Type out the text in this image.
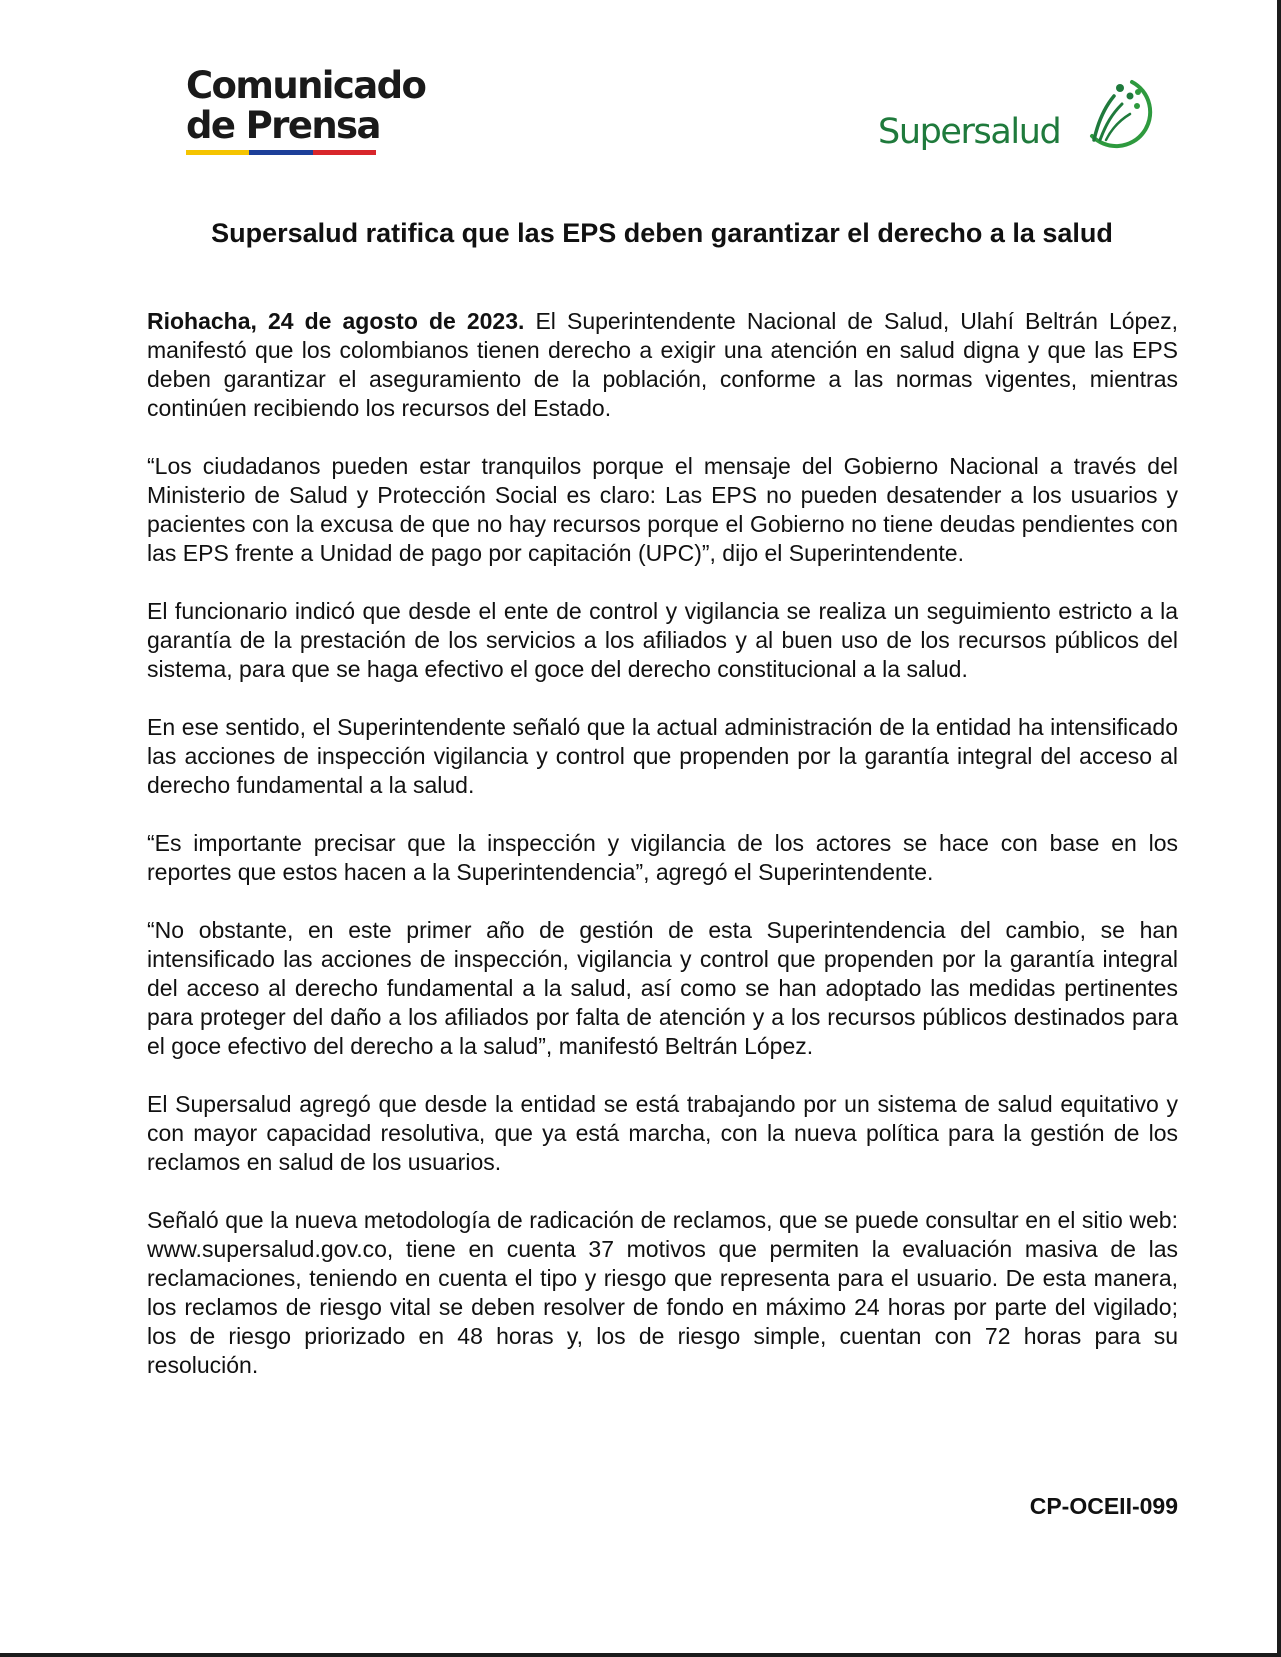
Comunicado
de Prensa	Supersalud
Supersalud ratifica que las EPS deben garantizar el derecho a la salud

Riohacha, 24 de agosto de 2023. El Superintendente Nacional de Salud, Ulahí Beltrán López, manifestó que los colombianos tienen derecho a exigir una atención en salud digna y que las EPS deben garantizar el aseguramiento de la población, conforme a las normas vigentes, mientras continúen recibiendo los recursos del Estado.

“Los ciudadanos pueden estar tranquilos porque el mensaje del Gobierno Nacional a través del Ministerio de Salud y Protección Social es claro: Las EPS no pueden desatender a los usuarios y pacientes con la excusa de que no hay recursos porque el Gobierno no tiene deudas pendientes con las EPS frente a Unidad de pago por capitación (UPC)”, dijo el Superintendente.

El funcionario indicó que desde el ente de control y vigilancia se realiza un seguimiento estricto a la garantía de la prestación de los servicios a los afiliados y al buen uso de los recursos públicos del sistema, para que se haga efectivo el goce del derecho constitucional a la salud.

En ese sentido, el Superintendente señaló que la actual administración de la entidad ha intensificado las acciones de inspección vigilancia y control que propenden por la garantía integral del acceso al derecho fundamental a la salud.

“Es importante precisar que la inspección y vigilancia de los actores se hace con base en los reportes que estos hacen a la Superintendencia”, agregó el Superintendente.

“No obstante, en este primer año de gestión de esta Superintendencia del cambio, se han intensificado las acciones de inspección, vigilancia y control que propenden por la garantía integral del acceso al derecho fundamental a la salud, así como se han adoptado las medidas pertinentes para proteger del daño a los afiliados por falta de atención y a los recursos públicos destinados para el goce efectivo del derecho a la salud”, manifestó Beltrán López.

El Supersalud agregó que desde la entidad se está trabajando por un sistema de salud equitativo y con mayor capacidad resolutiva, que ya está marcha, con la nueva política para la gestión de los reclamos en salud de los usuarios.

Señaló que la nueva metodología de radicación de reclamos, que se puede consultar en el sitio web: www.supersalud.gov.co, tiene en cuenta 37 motivos que permiten la evaluación masiva de las reclamaciones, teniendo en cuenta el tipo y riesgo que representa para el usuario. De esta manera, los reclamos de riesgo vital se deben resolver de fondo en máximo 24 horas por parte del vigilado; los de riesgo priorizado en 48 horas y, los de riesgo simple, cuentan con 72 horas para su resolución.

CP-OCEII-099
